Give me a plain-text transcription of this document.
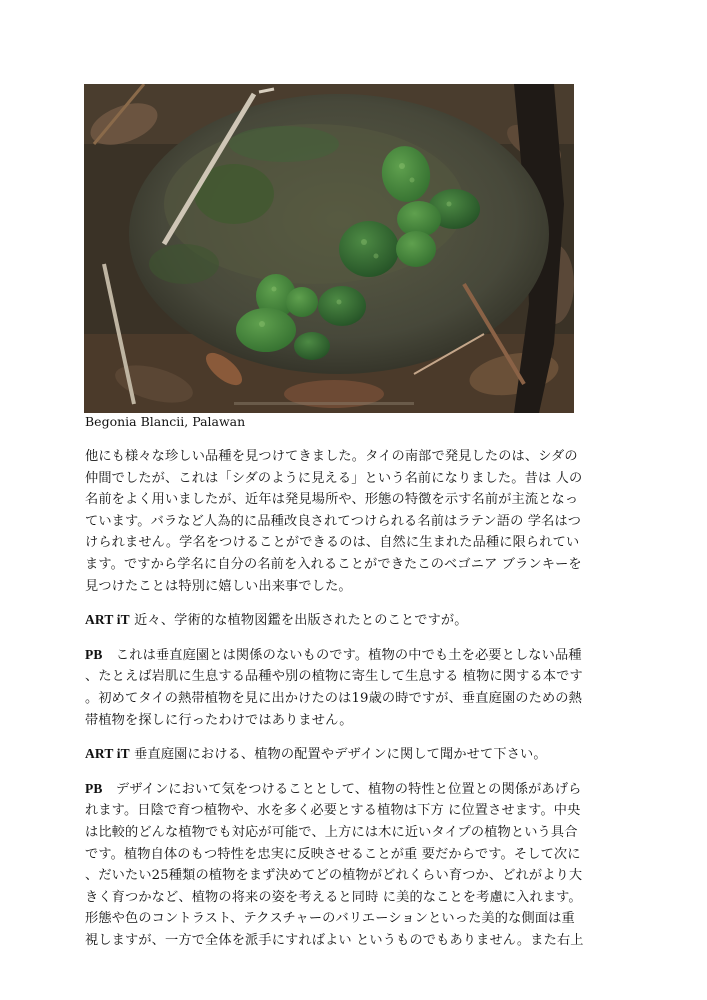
Begonia Blancii, Palawan

他にも様々な珍しい品種を見つけてきました。タイの南部で発見したのは、シダの
仲間でしたが、これは「シダのように見える」という名前になりました。昔は 人の
名前をよく用いましたが、近年は発見場所や、形態の特徴を示す名前が主流となっ
ています。バラなど人為的に品種改良されてつけられる名前はラテン語の 学名はつ
けられません。学名をつけることができるのは、自然に生まれた品種に限られてい
ます。ですから学名に自分の名前を入れることができたこのベゴニア ブランキーを
見つけたことは特別に嬉しい出来事でした。

ART iT 近々、学術的な植物図鑑を出版されたとのことですが。

PB　これは垂直庭園とは関係のないものです。植物の中でも土を必要としない品種
、たとえば岩肌に生息する品種や別の植物に寄生して生息する 植物に関する本です
。初めてタイの熱帯植物を見に出かけたのは19歳の時ですが、垂直庭園のための熱
帯植物を探しに行ったわけではありません。

ART iT 垂直庭園における、植物の配置やデザインに関して聞かせて下さい。

PB　デザインにおいて気をつけることとして、植物の特性と位置との関係があげら
れます。日陰で育つ植物や、水を多く必要とする植物は下方 に位置させます。中央
は比較的どんな植物でも対応が可能で、上方には木に近いタイプの植物という具合
です。植物自体のもつ特性を忠実に反映させることが重 要だからです。そして次に
、だいたい25種類の植物をまず決めてどの植物がどれくらい育つか、どれがより大
きく育つかなど、植物の将来の姿を考えると同時 に美的なことを考慮に入れます。
形態や色のコントラスト、テクスチャーのバリエーションといった美的な側面は重
視しますが、一方で全体を派手にすればよい というものでもありません。また右上
